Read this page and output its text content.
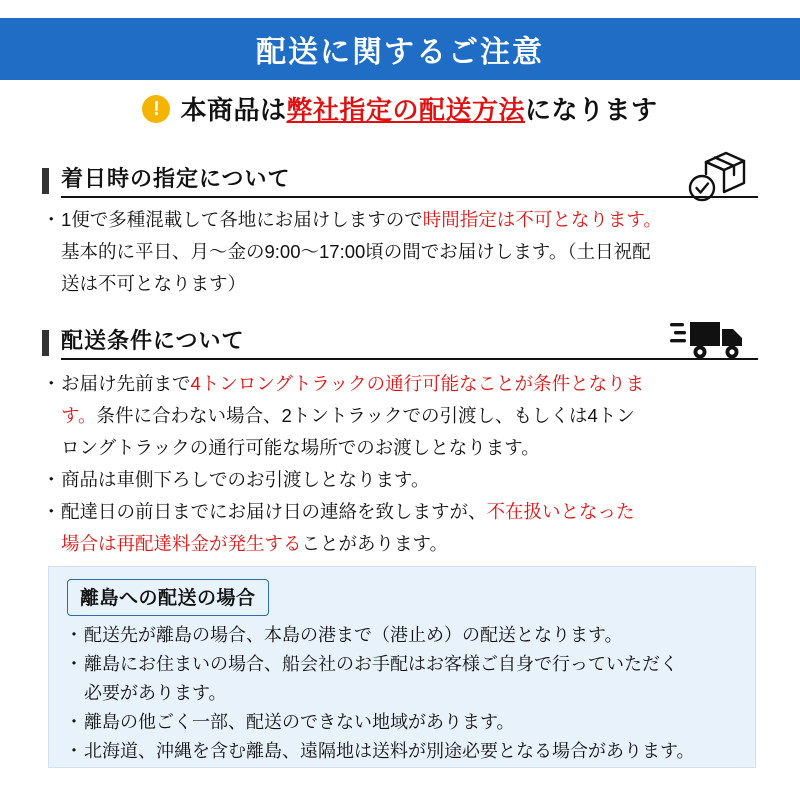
配送に関するご注意
! 本商品は弊社指定の配送方法になります
着日時の指定について
・ 1便で多種混載して各地にお届けしますので時間指定は不可となります。
基本的に平日、月〜金の9:00〜17:00頃の間でお届けします。（土日祝配
送は不可となります）
配送条件について
・ お届け先前まで4トンロングトラックの通行可能なことが条件となりま
す。条件に合わない場合、2トントラックでの引渡し、もしくは4トン
ロングトラックの通行可能な場所でのお渡しとなります。
・ 商品は車側下ろしでのお引渡しとなります。
・ 配達日の前日までにお届け日の連絡を致しますが、不在扱いとなった
場合は再配達料金が発生することがあります。
離島への配送の場合
・ 配送先が離島の場合、本島の港まで（港止め）の配送となります。
・ 離島にお住まいの場合、船会社のお手配はお客様ご自身で行っていただく
必要があります。
・ 離島の他ごく一部、配送のできない地域があります。
・ 北海道、沖縄を含む離島、遠隔地は送料が別途必要となる場合があります。
